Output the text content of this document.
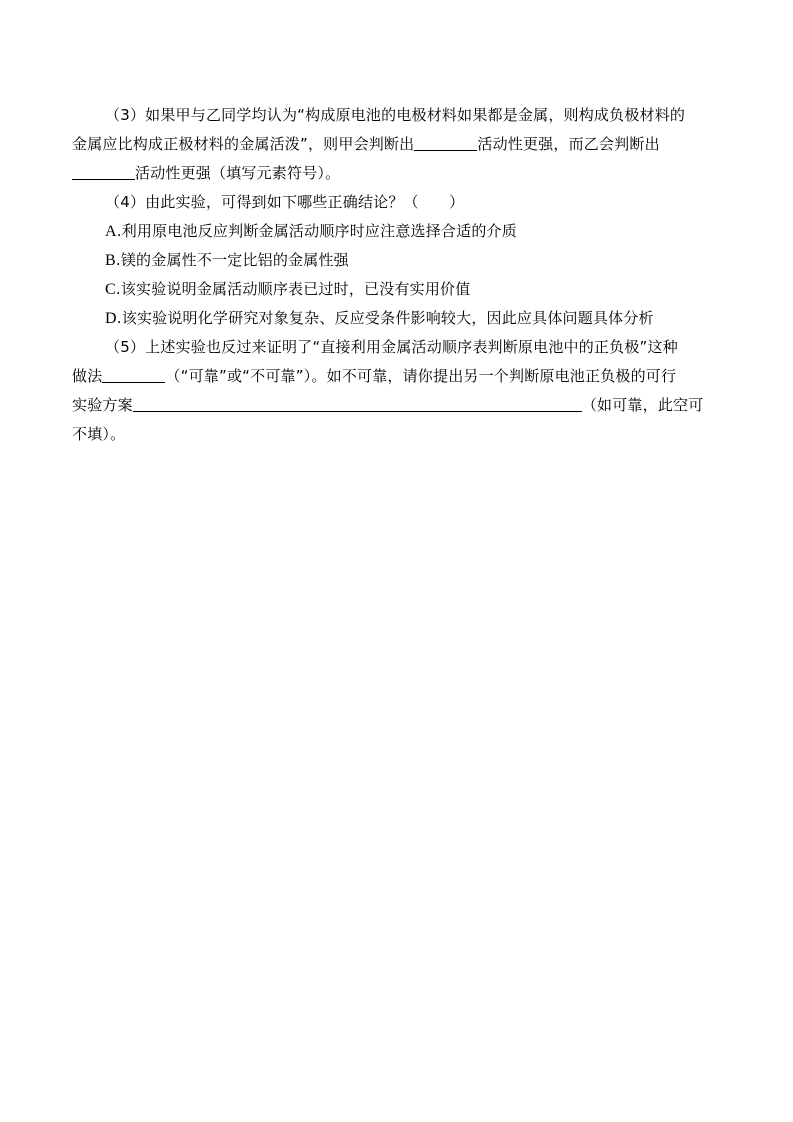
（3）如果甲与乙同学均认为“构成原电池的电极材料如果都是金属，则构成负极材料的
金属应比构成正极材料的金属活泼”，则甲会判断出	活动性更强，而乙会判断出
活动性更强（填写元素符号）。
（4）由此实验，可得到如下哪些正确结论？（　　）
A.利用原电池反应判断金属活动顺序时应注意选择合适的介质
B.镁的金属性不一定比铝的金属性强
C.该实验说明金属活动顺序表已过时，已没有实用价值
D.该实验说明化学研究对象复杂、反应受条件影响较大，因此应具体问题具体分析
（5）上述实验也反过来证明了“直接利用金属活动顺序表判断原电池中的正负极”这种
做法	（“可靠”或“不可靠”）。如不可靠，请你提出另一个判断原电池正负极的可行
实验方案	（如可靠，此空可
不填）。
